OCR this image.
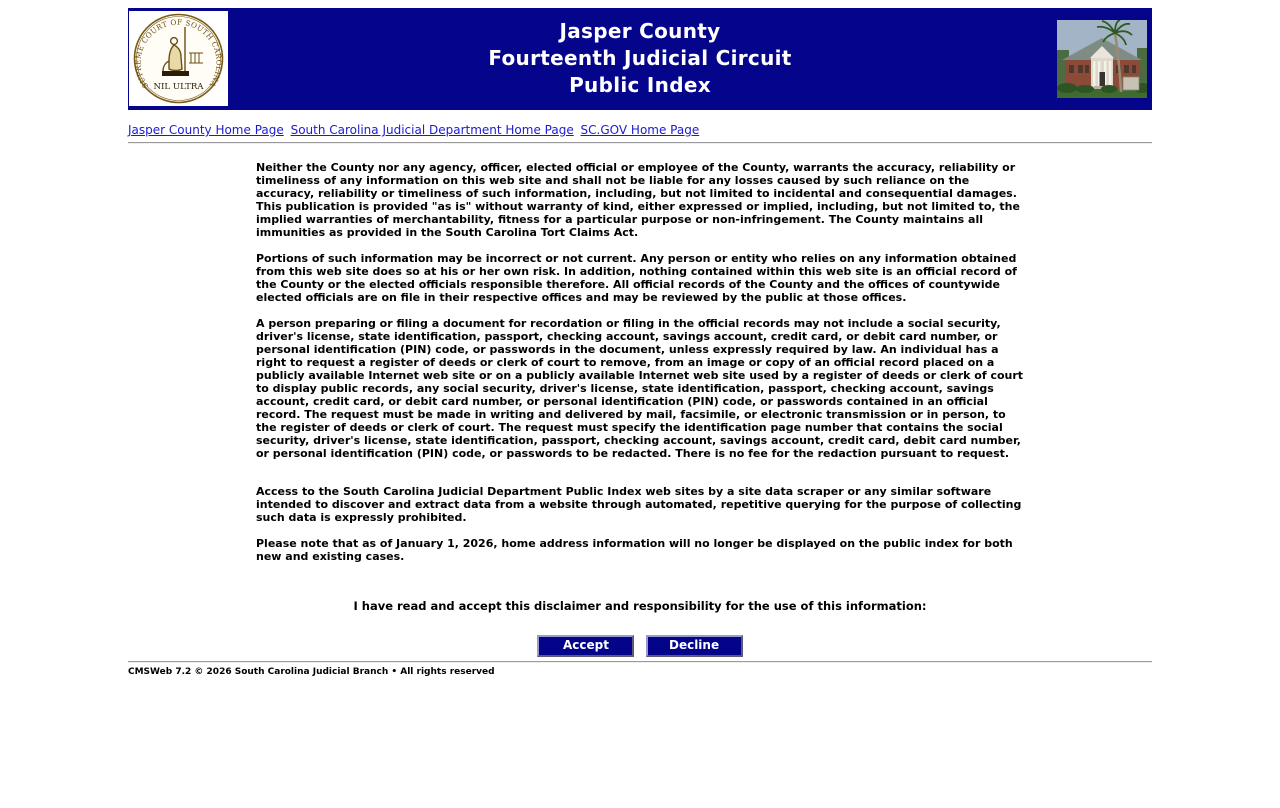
SUPREME COURT OF SOUTH CAROLINA
NIL ULTRA
Jasper County
Fourteenth Judicial Circuit
Public Index
Jasper County Home Page South Carolina Judicial Department Home Page SC.GOV Home Page

Neither the County nor any agency, officer, elected official or employee of the County, warrants the accuracy, reliability or timeliness of any information on this web site and shall not be liable for any losses caused by such reliance on the accuracy, reliability or timeliness of such information, including, but not limited to incidental and consequential damages. This publication is provided "as is" without warranty of kind, either expressed or implied, including, but not limited to, the implied warranties of merchantability, fitness for a particular purpose or non-infringement. The County maintains all immunities as provided in the South Carolina Tort Claims Act.

Portions of such information may be incorrect or not current. Any person or entity who relies on any information obtained from this web site does so at his or her own risk. In addition, nothing contained within this web site is an official record of the County or the elected officials responsible therefore. All official records of the County and the offices of countywide elected officials are on file in their respective offices and may be reviewed by the public at those offices.

A person preparing or filing a document for recordation or filing in the official records may not include a social security, driver's license, state identification, passport, checking account, savings account, credit card, or debit card number, or personal identification (PIN) code, or passwords in the document, unless expressly required by law. An individual has a right to request a register of deeds or clerk of court to remove, from an image or copy of an official record placed on a publicly available Internet web site or on a publicly available Internet web site used by a register of deeds or clerk of court to display public records, any social security, driver's license, state identification, passport, checking account, savings account, credit card, or debit card number, or personal identification (PIN) code, or passwords contained in an official record. The request must be made in writing and delivered by mail, facsimile, or electronic transmission or in person, to the register of deeds or clerk of court. The request must specify the identification page number that contains the social security, driver's license, state identification, passport, checking account, savings account, credit card, debit card number, or personal identification (PIN) code, or passwords to be redacted. There is no fee for the redaction pursuant to request.

Access to the South Carolina Judicial Department Public Index web sites by a site data scraper or any similar software intended to discover and extract data from a website through automated, repetitive querying for the purpose of collecting such data is expressly prohibited.

Please note that as of January 1, 2026, home address information will no longer be displayed on the public index for both new and existing cases.

I have read and accept this disclaimer and responsibility for the use of this information:
Accept	Decline
CMSWeb 7.2 © 2026 South Carolina Judicial Branch • All rights reserved
